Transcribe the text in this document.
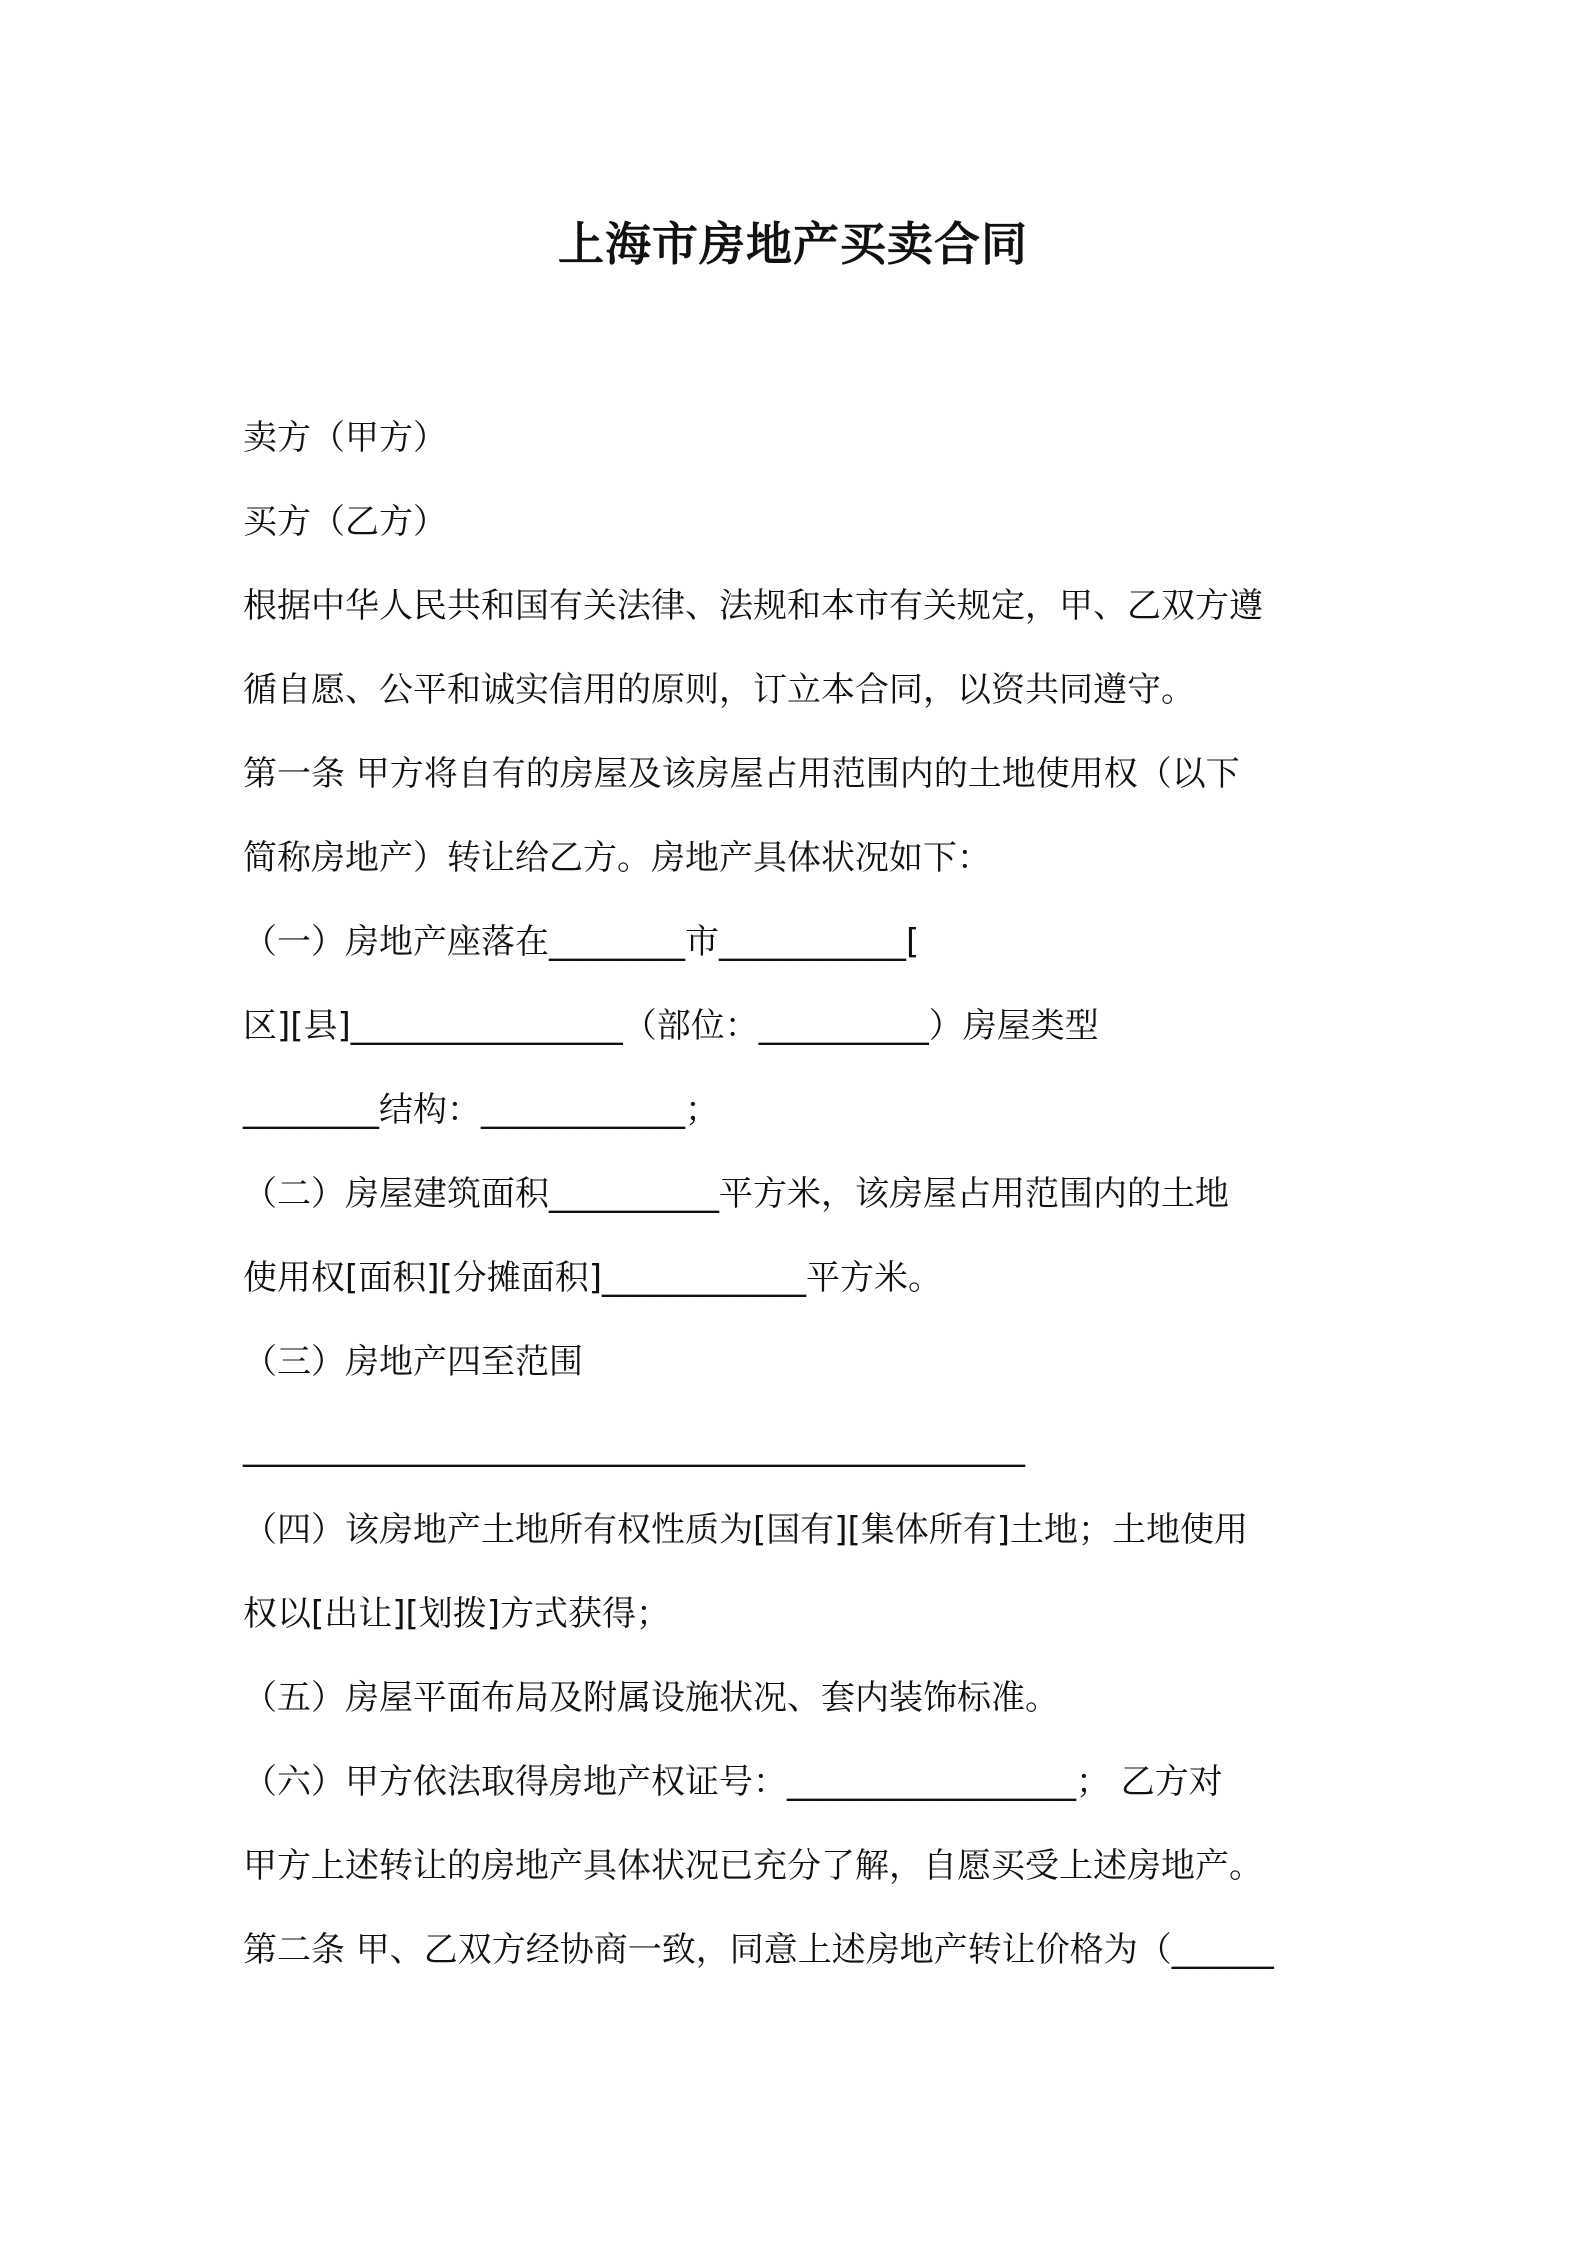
上海市房地产买卖合同

卖方（甲方）

买方（乙方）

根据中华人民共和国有关法律、法规和本市有关规定，甲、乙双方遵

循自愿、公平和诚实信用的原则，订立本合同，以资共同遵守。

第一条 甲方将自有的房屋及该房屋占用范围内的土地使用权（以下

简称房地产）转让给乙方。房地产具体状况如下：

（一）房地产座落在________市___________[

区][县]________________（部位：__________）房屋类型

________结构：____________；

（二）房屋建筑面积__________平方米，该房屋占用范围内的土地

使用权[面积][分摊面积]____________平方米。

（三）房地产四至范围

______________________________________________

（四）该房地产土地所有权性质为[国有][集体所有]土地；土地使用

权以[出让][划拨]方式获得；

（五）房屋平面布局及附属设施状况、套内装饰标准。

（六）甲方依法取得房地产权证号：_________________； 乙方对

甲方上述转让的房地产具体状况已充分了解，自愿买受上述房地产。

第二条 甲、乙双方经协商一致，同意上述房地产转让价格为（______
